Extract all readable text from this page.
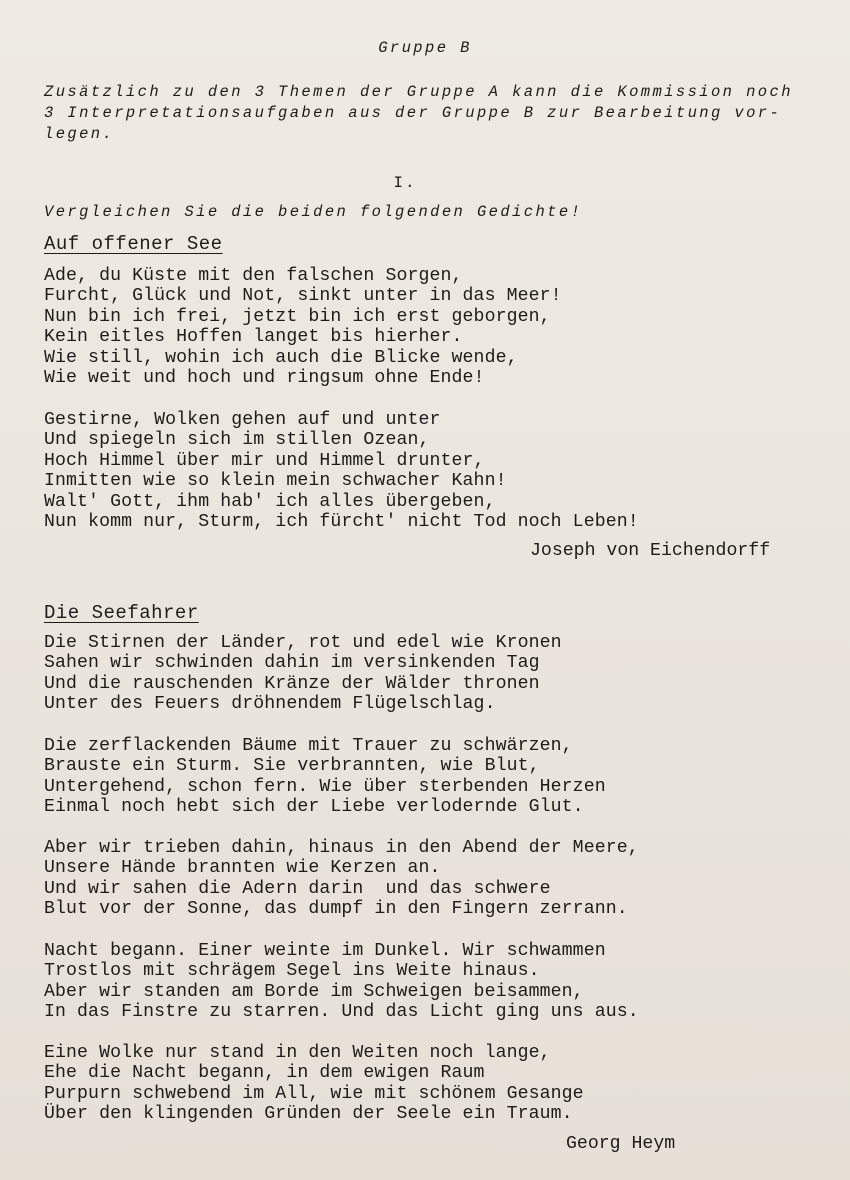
Gruppe B
Zusätzlich zu den 3 Themen der Gruppe A kann die Kommission noch
3 Interpretationsaufgaben aus der Gruppe B zur Bearbeitung vor-
legen.
I.
Vergleichen Sie die beiden folgenden Gedichte!
Auf offener See
Ade, du Küste mit den falschen Sorgen,
Furcht, Glück und Not, sinkt unter in das Meer!
Nun bin ich frei, jetzt bin ich erst geborgen,
Kein eitles Hoffen langet bis hierher.
Wie still, wohin ich auch die Blicke wende,
Wie weit und hoch und ringsum ohne Ende!
Gestirne, Wolken gehen auf und unter
Und spiegeln sich im stillen Ozean,
Hoch Himmel über mir und Himmel drunter,
Inmitten wie so klein mein schwacher Kahn!
Walt' Gott, ihm hab' ich alles übergeben,
Nun komm nur, Sturm, ich fürcht' nicht Tod noch Leben!
Joseph von Eichendorff
Die Seefahrer
Die Stirnen der Länder, rot und edel wie Kronen
Sahen wir schwinden dahin im versinkenden Tag
Und die rauschenden Kränze der Wälder thronen
Unter des Feuers dröhnendem Flügelschlag.
Die zerflackenden Bäume mit Trauer zu schwärzen,
Brauste ein Sturm. Sie verbrannten, wie Blut,
Untergehend, schon fern. Wie über sterbenden Herzen
Einmal noch hebt sich der Liebe verlodernde Glut.
Aber wir trieben dahin, hinaus in den Abend der Meere,
Unsere Hände brannten wie Kerzen an.
Und wir sahen die Adern darin  und das schwere
Blut vor der Sonne, das dumpf in den Fingern zerrann.
Nacht begann. Einer weinte im Dunkel. Wir schwammen
Trostlos mit schrägem Segel ins Weite hinaus.
Aber wir standen am Borde im Schweigen beisammen,
In das Finstre zu starren. Und das Licht ging uns aus.
Eine Wolke nur stand in den Weiten noch lange,
Ehe die Nacht begann, in dem ewigen Raum
Purpurn schwebend im All, wie mit schönem Gesange
Über den klingenden Gründen der Seele ein Traum.
Georg Heym
